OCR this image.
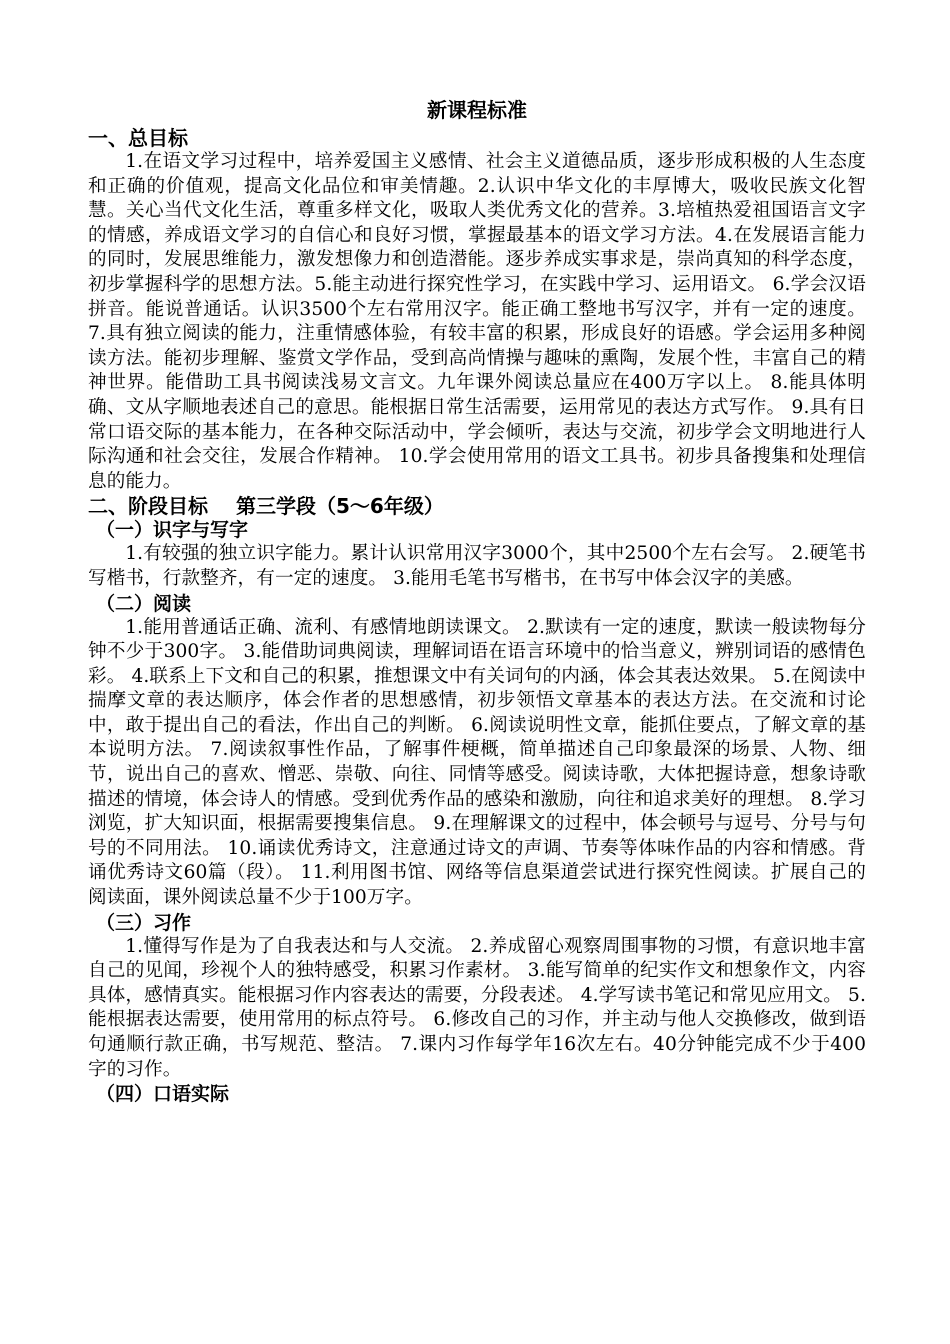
新课程标准
一、总目标

1.在语文学习过程中，培养爱国主义感情、社会主义道德品质，逐步形成积极的人生态度和正确的价值观，提高文化品位和审美情趣。2.认识中华文化的丰厚博大，吸收民族文化智慧。关心当代文化生活，尊重多样文化，吸取人类优秀文化的营养。3.培植热爱祖国语言文字的情感，养成语文学习的自信心和良好习惯，掌握最基本的语文学习方法。4.在发展语言能力的同时，发展思维能力，激发想像力和创造潜能。逐步养成实事求是，崇尚真知的科学态度，初步掌握科学的思想方法。5.能主动进行探究性学习，在实践中学习、运用语文。 6.学会汉语拼音。能说普通话。认识3500个左右常用汉字。能正确工整地书写汉字，并有一定的速度。 7.具有独立阅读的能力，注重情感体验，有较丰富的积累，形成良好的语感。学会运用多种阅读方法。能初步理解、鉴赏文学作品，受到高尚情操与趣味的熏陶，发展个性，丰富自己的精神世界。能借助工具书阅读浅易文言文。九年课外阅读总量应在400万字以上。 8.能具体明确、文从字顺地表述自己的意思。能根据日常生活需要，运用常见的表达方式写作。 9.具有日常口语交际的基本能力，在各种交际活动中，学会倾听，表达与交流，初步学会文明地进行人际沟通和社会交往，发展合作精神。 10.学会使用常用的语文工具书。初步具备搜集和处理信息的能力。

二、阶段目标 第三学段（5～6年级）
（一）识字与写字

1.有较强的独立识字能力。累计认识常用汉字3000个，其中2500个左右会写。 2.硬笔书写楷书，行款整齐，有一定的速度。 3.能用毛笔书写楷书，在书写中体会汉字的美感。

（二）阅读

1.能用普通话正确、流利、有感情地朗读课文。 2.默读有一定的速度，默读一般读物每分钟不少于300字。 3.能借助词典阅读，理解词语在语言环境中的恰当意义，辨别词语的感情色彩。 4.联系上下文和自己的积累，推想课文中有关词句的内涵，体会其表达效果。 5.在阅读中揣摩文章的表达顺序，体会作者的思想感情，初步领悟文章基本的表达方法。在交流和讨论中，敢于提出自己的看法，作出自己的判断。 6.阅读说明性文章，能抓住要点，了解文章的基本说明方法。 7.阅读叙事性作品，了解事件梗概，简单描述自己印象最深的场景、人物、细节，说出自己的喜欢、憎恶、崇敬、向往、同情等感受。阅读诗歌，大体把握诗意，想象诗歌描述的情境，体会诗人的情感。受到优秀作品的感染和激励，向往和追求美好的理想。 8.学习浏览，扩大知识面，根据需要搜集信息。 9.在理解课文的过程中，体会顿号与逗号、分号与句号的不同用法。 10.诵读优秀诗文，注意通过诗文的声调、节奏等体味作品的内容和情感。背诵优秀诗文60篇（段）。 11.利用图书馆、网络等信息渠道尝试进行探究性阅读。扩展自己的阅读面，课外阅读总量不少于100万字。

（三）习作

1.懂得写作是为了自我表达和与人交流。 2.养成留心观察周围事物的习惯，有意识地丰富自己的见闻，珍视个人的独特感受，积累习作素材。 3.能写简单的纪实作文和想象作文，内容具体，感情真实。能根据习作内容表达的需要，分段表述。 4.学写读书笔记和常见应用文。 5.能根据表达需要，使用常用的标点符号。 6.修改自己的习作，并主动与他人交换修改，做到语句通顺行款正确，书写规范、整洁。 7.课内习作每学年16次左右。40分钟能完成不少于400字的习作。

（四）口语实际
